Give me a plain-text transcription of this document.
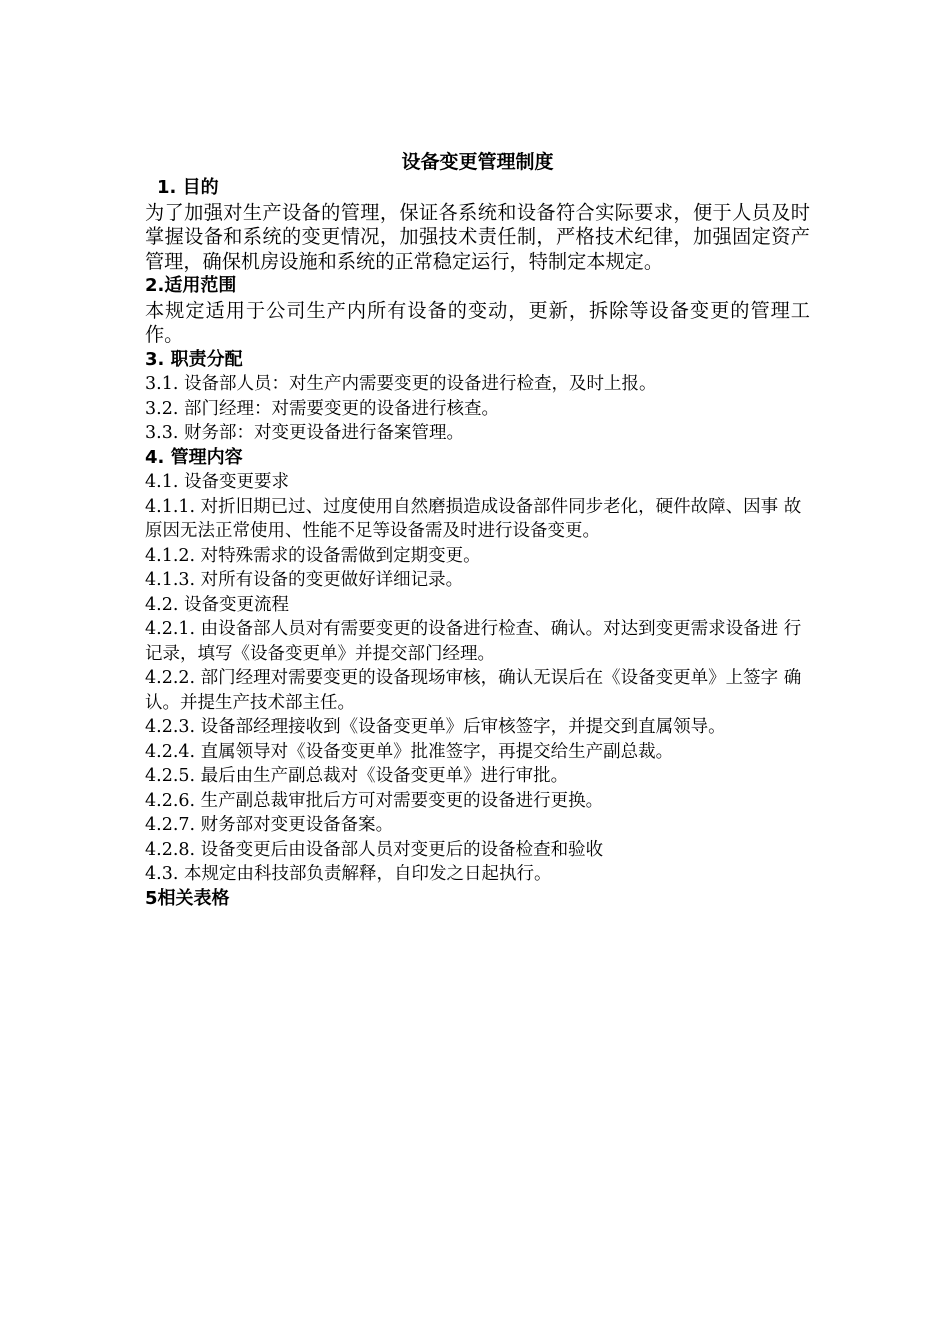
设备变更管理制度
1. 目的
为了加强对生产设备的管理，保证各系统和设备符合实际要求，便于人员及时掌握设备和系统的变更情况，加强技术责任制，严格技术纪律，加强固定资产管理，确保机房设施和系统的正常稳定运行，特制定本规定。
2.适用范围
本规定适用于公司生产内所有设备的变动，更新，拆除等设备变更的管理工作。
3. 职责分配
3.1. 设备部人员：对生产内需要变更的设备进行检查，及时上报。
3.2. 部门经理：对需要变更的设备进行核查。
3.3. 财务部：对变更设备进行备案管理。
4. 管理内容
4.1. 设备变更要求
4.1.1. 对折旧期已过、过度使用自然磨损造成设备部件同步老化，硬件故障、因事 故原因无法正常使用、性能不足等设备需及时进行设备变更。
4.1.2. 对特殊需求的设备需做到定期变更。
4.1.3. 对所有设备的变更做好详细记录。
4.2. 设备变更流程
4.2.1. 由设备部人员对有需要变更的设备进行检查、确认。对达到变更需求设备进 行记录，填写《设备变更单》并提交部门经理。
4.2.2. 部门经理对需要变更的设备现场审核，确认无误后在《设备变更单》上签字 确认。并提生产技术部主任。
4.2.3. 设备部经理接收到《设备变更单》后审核签字，并提交到直属领导。
4.2.4. 直属领导对《设备变更单》批准签字，再提交给生产副总裁。
4.2.5. 最后由生产副总裁对《设备变更单》进行审批。
4.2.6. 生产副总裁审批后方可对需要变更的设备进行更换。
4.2.7. 财务部对变更设备备案。
4.2.8. 设备变更后由设备部人员对变更后的设备检查和验收
4.3. 本规定由科技部负责解释，自印发之日起执行。
5相关表格
